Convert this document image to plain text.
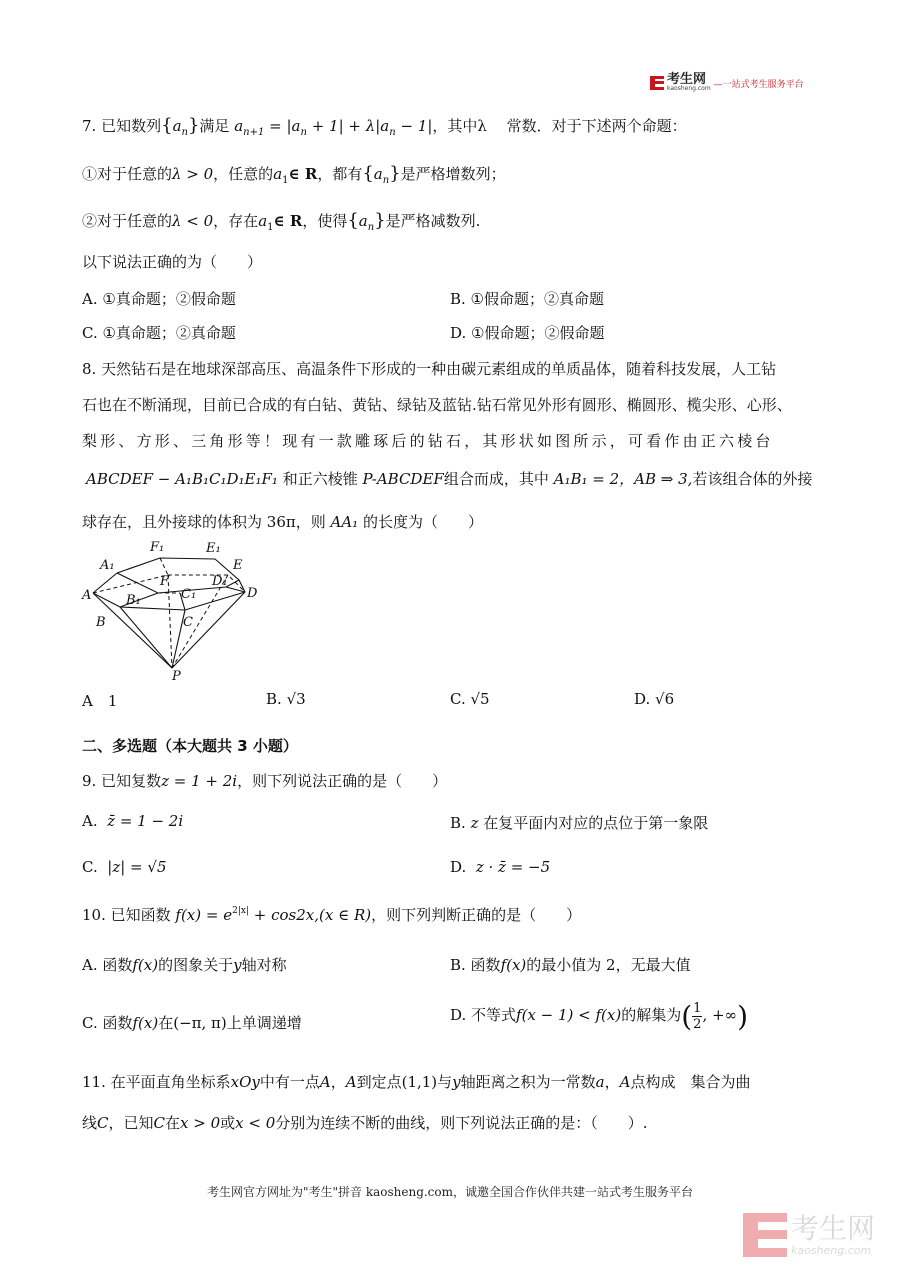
考生网
kaosheng.com —一站式考生服务平台
7. 已知数列$\{a_n\}$满足 $a_{n+1} = |a_n + 1| + \lambda|a_n - 1|$，其中λ　 常数．对于下述两个命题：
①对于任意的λ > 0，任意的$a_1\in$ R，都有$\{a_n\}$是严格增数列；
②对于任意的λ < 0，存在$a_1\in$ R，使得$\{a_n\}$是严格减数列.
以下说法正确的为（　　）
A. ①真命题；②假命题	B. ①假命题；②真命题
C. ①真命题；②真命题	D. ①假命题；②假命题
8. 天然钻石是在地球深部高压、高温条件下形成的一种由碳元素组成的单质晶体，随着科技发展，人工钻
石也在不断涌现，目前已合成的有白钻、黄钻、绿钻及蓝钻.钻石常见外形有圆形、椭圆形、榄尖形、心形、
梨形、方形、三角形等！现有一款雕琢后的钻石，其形状如图所示，可看作由正六棱台
ABCDEF − A₁B₁C₁D₁E₁F₁ 和正六棱锥 P-ABCDEF组合而成，其中 A₁B₁ = 2，AB ⇒ 3,若该组合体的外接
球存在，且外接球的体积为 36π，则 AA₁ 的长度为（　　）
F₁	E₁
A₁	E
F	D₁
A	D
B₁	C₁
B	C
P
A　1	B. √3	C. √5	D. √6
二、多选题（本大题共 3 小题）
9. 已知复数z = 1 + 2i，则下列说法正确的是（　　）
A. z̄ = 1 − 2i	B. z 在复平面内对应的点位于第一象限
C. |z| = √5	D. z · z̄ = −5
10. 已知函数 $f(x) = e^{2|x|} + \cos 2x,(x$ ∈ R)，则下列判断正确的是（　　）
A. 函数f(x)的图象关于y轴对称	B. 函数f(x)的最小值为 2，无最大值
C. 函数f(x)在(−π, π)上单调递增	D. 不等式f(x − 1) < f(x)的解集为( $\frac{1}{2}$, +∞)
11. 在平面直角坐标系xOy中有一点A，A到定点(1,1)与y轴距离之积为一常数a，A点构成　集合为曲
线C，已知C在x > 0或x < 0分别为连续不断的曲线，则下列说法正确的是：（　　）.
考生网官方网址为"考生"拼音 kaosheng.com，诚邀全国合作伙伴共建一站式考生服务平台
考生网
kaosheng.com
